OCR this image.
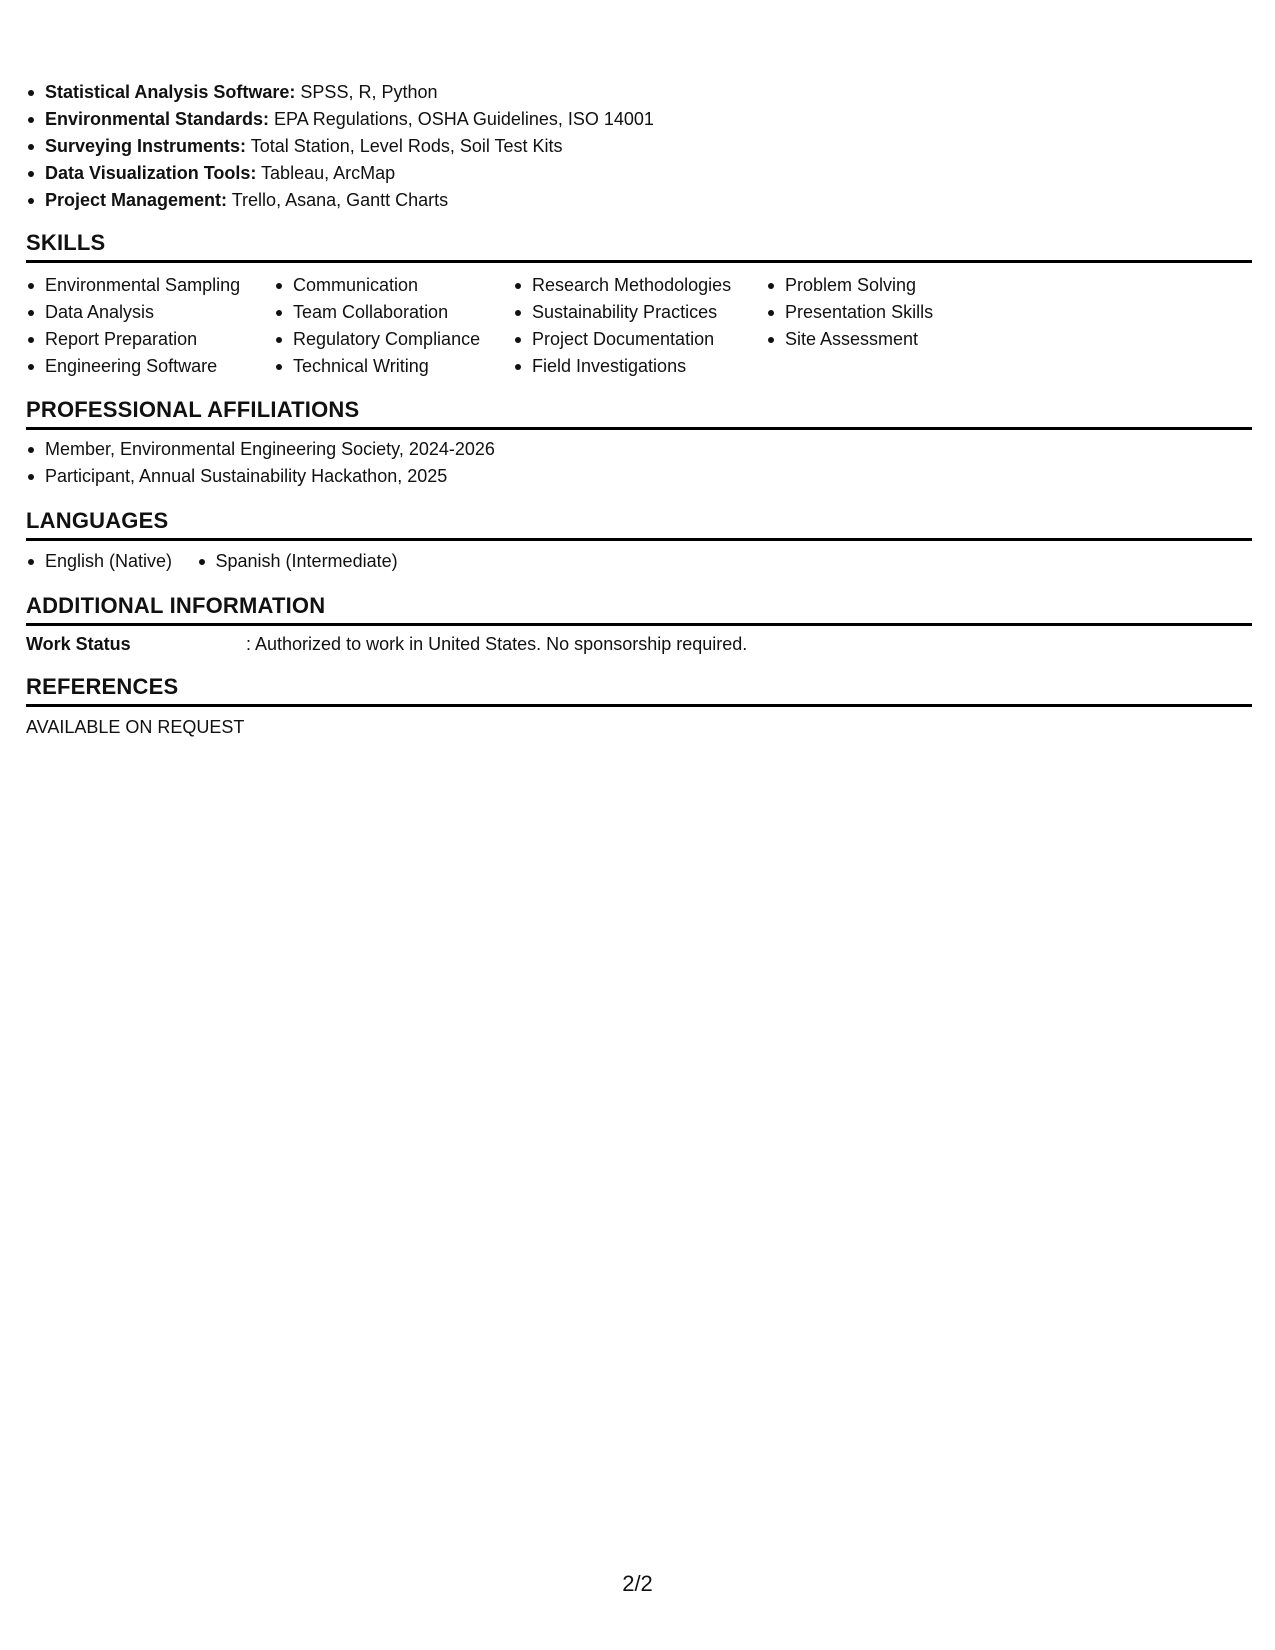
Statistical Analysis Software: SPSS, R, Python
Environmental Standards: EPA Regulations, OSHA Guidelines, ISO 14001
Surveying Instruments: Total Station, Level Rods, Soil Test Kits
Data Visualization Tools: Tableau, ArcMap
Project Management: Trello, Asana, Gantt Charts
SKILLS
Environmental Sampling
Data Analysis
Report Preparation
Engineering Software
Communication
Team Collaboration
Regulatory Compliance
Technical Writing
Research Methodologies
Sustainability Practices
Project Documentation
Field Investigations
Problem Solving
Presentation Skills
Site Assessment
PROFESSIONAL AFFILIATIONS
Member, Environmental Engineering Society, 2024-2026
Participant, Annual Sustainability Hackathon, 2025
LANGUAGES
English (Native) Spanish (Intermediate)
ADDITIONAL INFORMATION
Work Status	: Authorized to work in United States. No sponsorship required.
REFERENCES
AVAILABLE ON REQUEST
2/2
